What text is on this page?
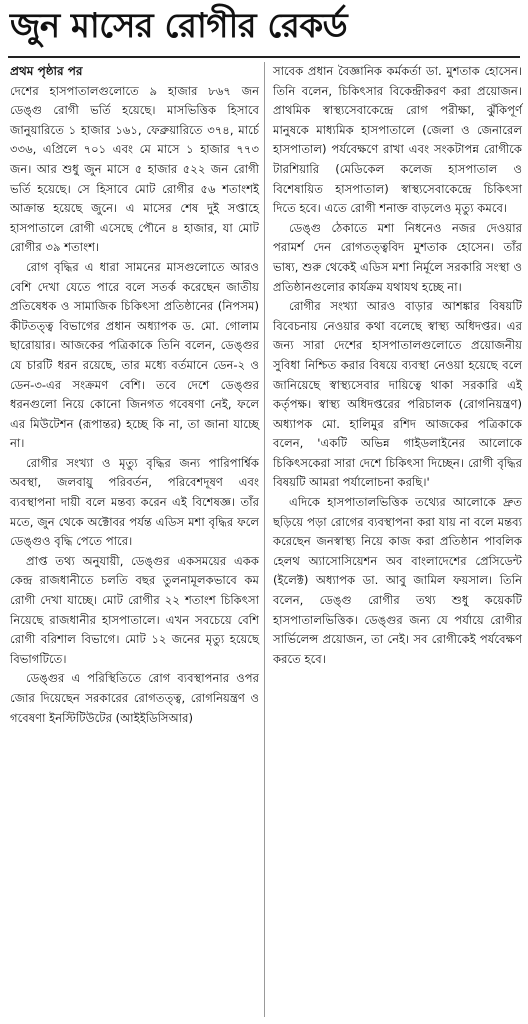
জুন মাসের রোগীর রেকর্ড
প্রথম পৃষ্ঠার পর

দেশের হাসপাতালগুলোতে ৯ হাজার ৮৬৭ জন ডেঙ্গু রোগী ভর্তি হয়েছে। মাসভিত্তিক হিসাবে জানুয়ারিতে ১ হাজার ১৬১, ফেব্রুয়ারিতে ৩৭৪, মার্চে ৩৩৬, এপ্রিলে ৭০১ এবং মে মাসে ১ হাজার ৭৭৩ জন। আর শুধু জুন মাসে ৫ হাজার ৫২২ জন রোগী ভর্তি হয়েছে। সে হিসাবে মোট রোগীর ৫৬ শতাংশই আক্রান্ত হয়েছে জুনে। এ মাসের শেষ দুই সপ্তাহে হাসপাতালে রোগী এসেছে পৌনে ৪ হাজার, যা মোট রোগীর ৩৯ শতাংশ।

রোগ বৃদ্ধির এ ধারা সামনের মাসগুলোতে আরও বেশি দেখা যেতে পারে বলে সতর্ক করেছেন জাতীয় প্রতিষেধক ও সামাজিক চিকিৎসা প্রতিষ্ঠানের (নিপসম) কীটতত্ত্ব বিভাগের প্রধান অধ্যাপক ড. মো. গোলাম ছারোয়ার। আজকের পত্রিকাকে তিনি বলেন, ডেঙ্গুর যে চারটি ধরন রয়েছে, তার মধ্যে বর্তমানে ডেন-২ ও ডেন-৩-এর সংক্রমণ বেশি। তবে দেশে ডেঙ্গুর ধরনগুলো নিয়ে কোনো জিনগত গবেষণা নেই, ফলে এর মিউটেশন (রূপান্তর) হচ্ছে কি না, তা জানা যাচ্ছে না।

রোগীর সংখ্যা ও মৃত্যু বৃদ্ধির জন্য পারিপার্শ্বিক অবস্থা, জলবায়ু পরিবর্তন, পরিবেশদূষণ এবং ব্যবস্থাপনা দায়ী বলে মন্তব্য করেন এই বিশেষজ্ঞ। তাঁর মতে, জুন থেকে অক্টোবর পর্যন্ত এডিস মশা বৃদ্ধির ফলে ডেঙ্গুও বৃদ্ধি পেতে পারে।

প্রাপ্ত তথ্য অনুযায়ী, ডেঙ্গুর একসময়ের একক কেন্দ্র রাজধানীতে চলতি বছর তুলনামূলকভাবে কম রোগী দেখা যাচ্ছে। মোট রোগীর ২২ শতাংশ চিকিৎসা নিয়েছে রাজধানীর হাসপাতালে। এখন সবচেয়ে বেশি রোগী বরিশাল বিভাগে। মোট ১২ জনের মৃত্যু হয়েছে বিভাগটিতে।

ডেঙ্গুর এ পরিস্থিতিতে রোগ ব্যবস্থাপনার ওপর জোর দিয়েছেন সরকারের রোগতত্ত্ব, রোগনিয়ন্ত্রণ ও গবেষণা ইনস্টিটিউটের (আইইডিসিআর)

সাবেক প্রধান বৈজ্ঞানিক কর্মকর্তা ডা. মুশতাক হোসেন। তিনি বলেন, চিকিৎসার বিকেন্দ্রীকরণ করা প্রয়োজন। প্রাথমিক স্বাস্থ্যসেবাকেন্দ্রে রোগ পরীক্ষা, ঝুঁকিপূর্ণ মানুষকে মাধ্যমিক হাসপাতালে (জেলা ও জেনারেল হাসপাতাল) পর্যবেক্ষণে রাখা এবং সংকটাপন্ন রোগীকে টারশিয়ারি (মেডিকেল কলেজ হাসপাতাল ও বিশেষায়িত হাসপাতাল) স্বাস্থ্যসেবাকেন্দ্রে চিকিৎসা দিতে হবে। এতে রোগী শনাক্ত বাড়লেও মৃত্যু কমবে।

ডেঙ্গু ঠেকাতে মশা নিধনেও নজর দেওয়ার পরামর্শ দেন রোগতত্ত্ববিদ মুশতাক হোসেন। তাঁর ভাষ্য, শুরু থেকেই এডিস মশা নির্মূলে সরকারি সংস্থা ও প্রতিষ্ঠানগুলোর কার্যক্রম যথাযথ হচ্ছে না।

রোগীর সংখ্যা আরও বাড়ার আশঙ্কার বিষয়টি বিবেচনায় নেওয়ার কথা বলেছে স্বাস্থ্য অধিদপ্তর। এর জন্য সারা দেশের হাসপাতালগুলোতে প্রয়োজনীয় সুবিধা নিশ্চিত করার বিষয়ে ব্যবস্থা নেওয়া হয়েছে বলে জানিয়েছে স্বাস্থ্যসেবার দায়িত্বে থাকা সরকারি এই কর্তৃপক্ষ। স্বাস্থ্য অধিদপ্তরের পরিচালক (রোগনিয়ন্ত্রণ) অধ্যাপক মো. হালিমুর রশিদ আজকের পত্রিকাকে বলেন, 'একটি অভিন্ন গাইডলাইনের আলোকে চিকিৎসকেরা সারা দেশে চিকিৎসা দিচ্ছেন। রোগী বৃদ্ধির বিষয়টি আমরা পর্যালোচনা করছি।'

এদিকে হাসপাতালভিত্তিক তথ্যের আলোকে দ্রুত ছড়িয়ে পড়া রোগের ব্যবস্থাপনা করা যায় না বলে মন্তব্য করেছেন জনস্বাস্থ্য নিয়ে কাজ করা প্রতিষ্ঠান পাবলিক হেলথ অ্যাসোসিয়েশন অব বাংলাদেশের প্রেসিডেন্ট (ইলেক্ট) অধ্যাপক ডা. আবু জামিল ফয়সাল। তিনি বলেন, ডেঙ্গু রোগীর তথ্য শুধু কয়েকটি হাসপাতালভিত্তিক। ডেঙ্গুর জন্য যে পর্যায়ে রোগীর সার্ভিলেন্স প্রয়োজন, তা নেই। সব রোগীকেই পর্যবেক্ষণ করতে হবে।
